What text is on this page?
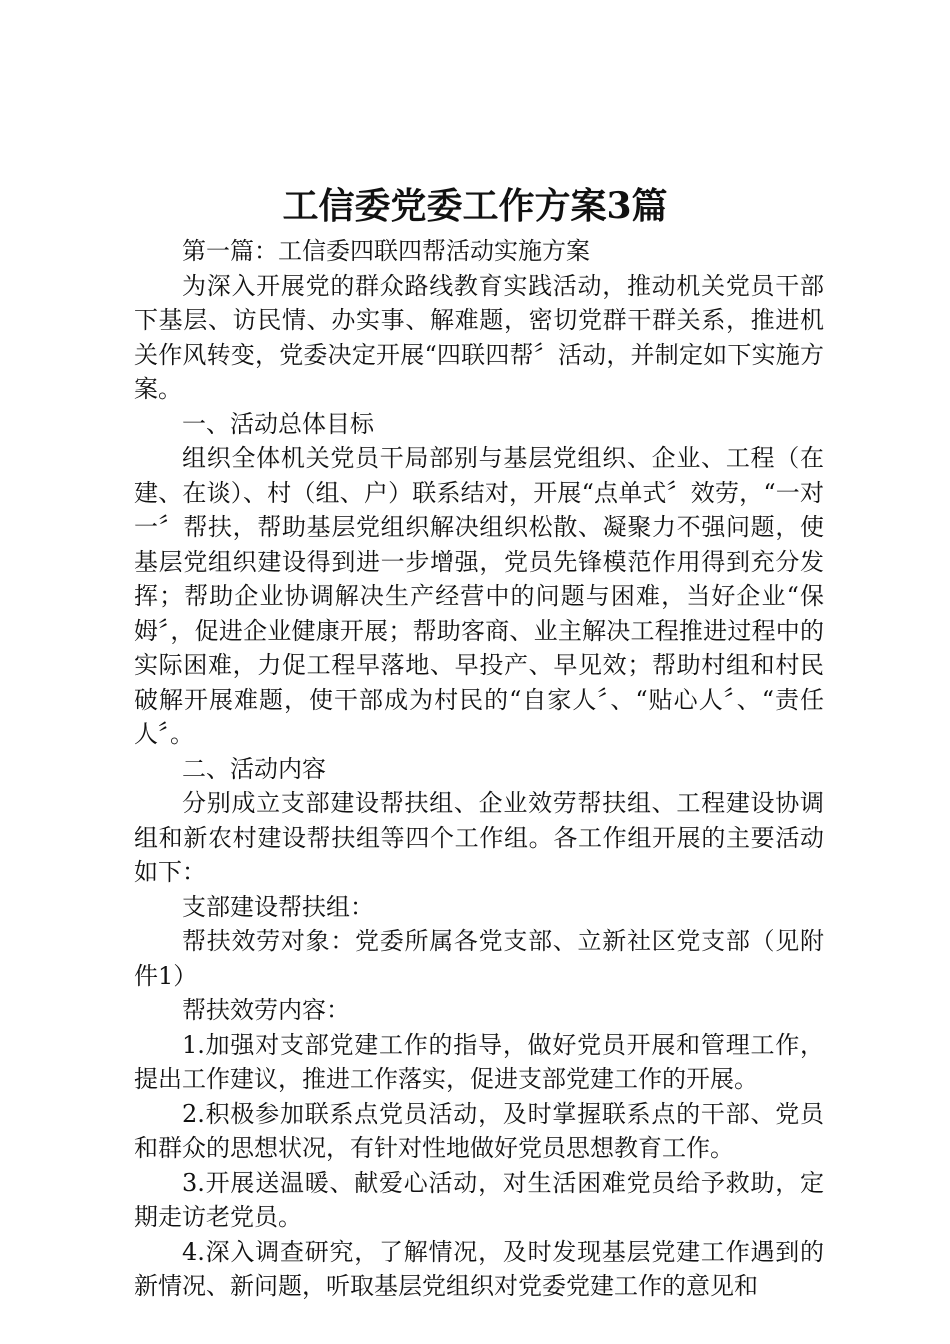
工信委党委工作方案3篇

第一篇：工信委四联四帮活动实施方案

为深入开展党的群众路线教育实践活动，推动机关党员干部下基层、访民情、办实事、解难题，密切党群干群关系，推进机关作风转变，党委决定开展“四联四帮〞活动，并制定如下实施方案。

一、活动总体目标

组织全体机关党员干局部别与基层党组织、企业、工程（在建、在谈）、村（组、户）联系结对，开展“点单式〞效劳，“一对一〞帮扶，帮助基层党组织解决组织松散、凝聚力不强问题，使基层党组织建设得到进一步增强，党员先锋模范作用得到充分发挥；帮助企业协调解决生产经营中的问题与困难，当好企业“保姆〞，促进企业健康开展；帮助客商、业主解决工程推进过程中的实际困难，力促工程早落地、早投产、早见效；帮助村组和村民破解开展难题，使干部成为村民的“自家人〞、“贴心人〞、“责任人〞。

二、活动内容

分别成立支部建设帮扶组、企业效劳帮扶组、工程建设协调组和新农村建设帮扶组等四个工作组。各工作组开展的主要活动如下：

支部建设帮扶组：

帮扶效劳对象：党委所属各党支部、立新社区党支部（见附件1）

帮扶效劳内容：

1.加强对支部党建工作的指导，做好党员开展和管理工作，提出工作建议，推进工作落实，促进支部党建工作的开展。

2.积极参加联系点党员活动，及时掌握联系点的干部、党员和群众的思想状况，有针对性地做好党员思想教育工作。

3.开展送温暖、献爱心活动，对生活困难党员给予救助，定期走访老党员。

4.深入调查研究，了解情况，及时发现基层党建工作遇到的新情况、新问题，听取基层党组织对党委党建工作的意见和
